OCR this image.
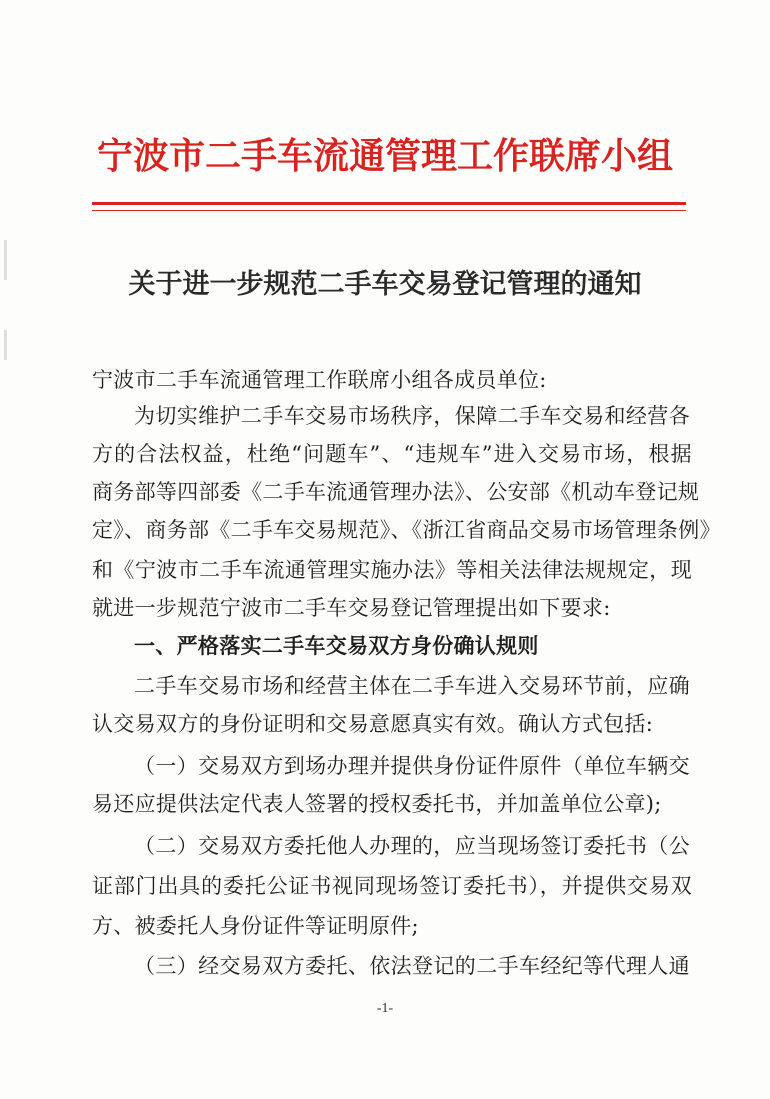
宁波市二手车流通管理工作联席小组
关于进一步规范二手车交易登记管理的通知
宁波市二手车流通管理工作联席小组各成员单位:
为切实维护二手车交易市场秩序，保障二手车交易和经营各
方的合法权益，杜绝“问题车”、“违规车”进入交易市场，根据
商务部等四部委《二手车流通管理办法》、公安部《机动车登记规
定》、商务部《二手车交易规范》、《浙江省商品交易市场管理条例》
和《宁波市二手车流通管理实施办法》等相关法律法规规定，现
就进一步规范宁波市二手车交易登记管理提出如下要求:
一、严格落实二手车交易双方身份确认规则
二手车交易市场和经营主体在二手车进入交易环节前，应确
认交易双方的身份证明和交易意愿真实有效。确认方式包括:
（一）交易双方到场办理并提供身份证件原件（单位车辆交
易还应提供法定代表人签署的授权委托书，并加盖单位公章);
（二）交易双方委托他人办理的，应当现场签订委托书（公
证部门出具的委托公证书视同现场签订委托书），并提供交易双
方、被委托人身份证件等证明原件;
（三）经交易双方委托、依法登记的二手车经纪等代理人通
-1-
